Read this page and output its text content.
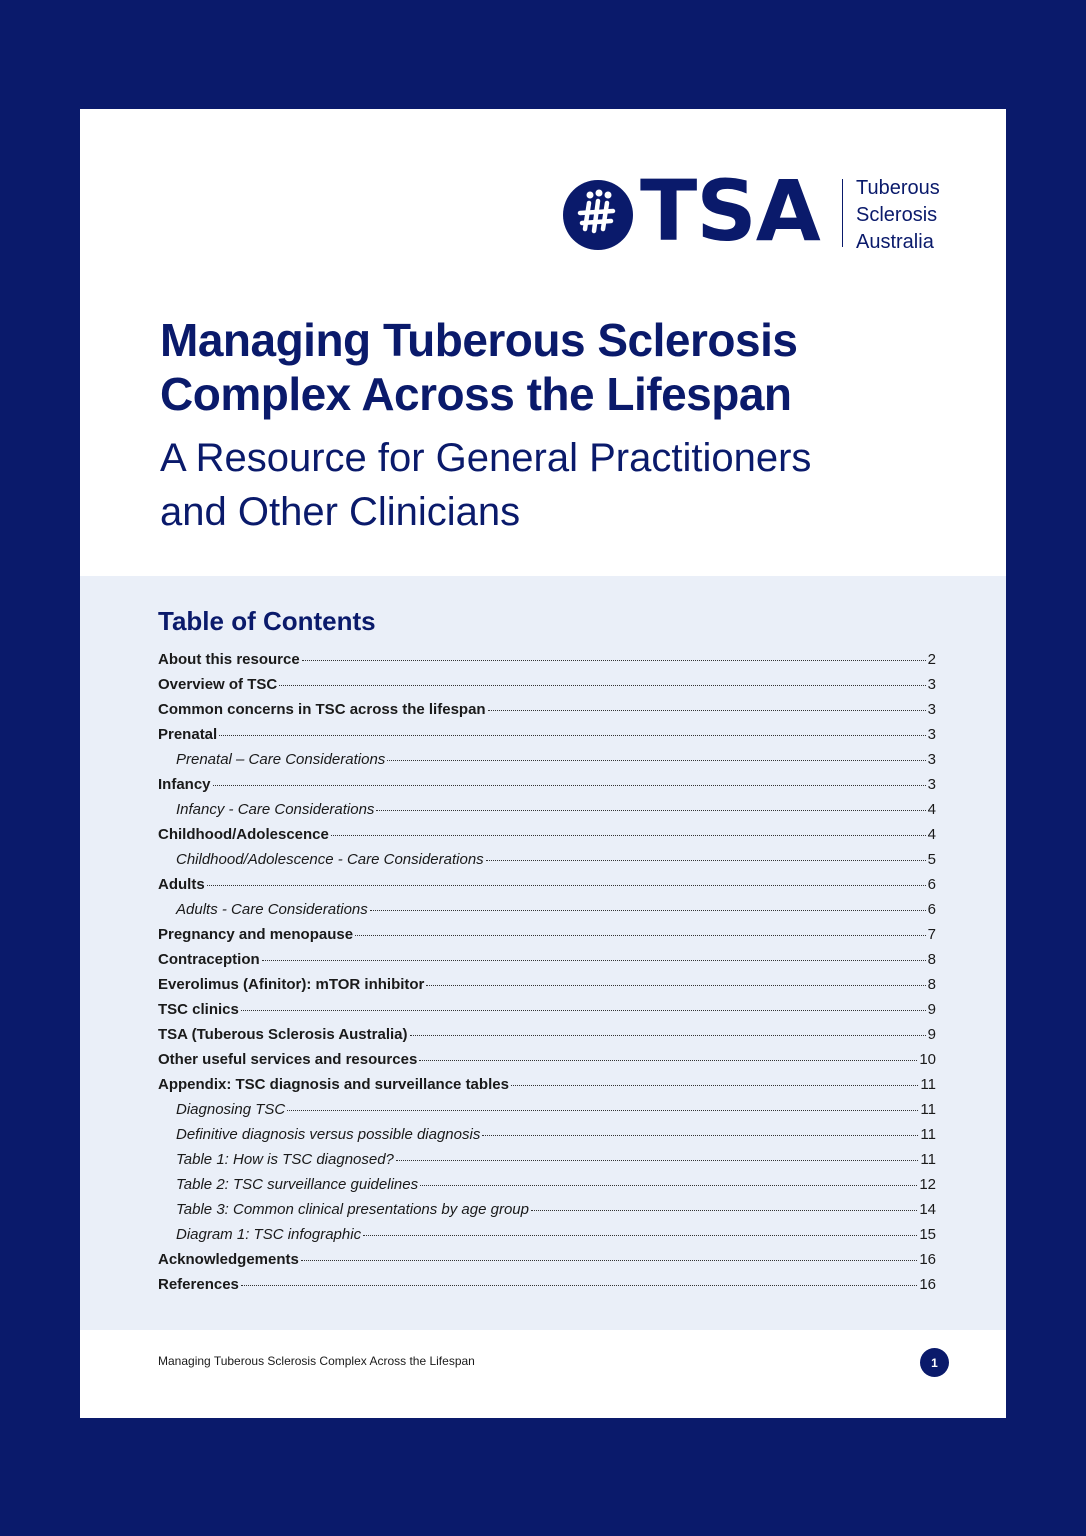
TSA Tuberous
Sclerosis
Australia
Managing Tuberous Sclerosis
Complex Across the Lifespan
A Resource for General Practitioners
and Other Clinicians
Table of Contents
About this resource	2
Overview of TSC	3
Common concerns in TSC across the lifespan	3
Prenatal	3
Prenatal – Care Considerations	3
Infancy	3
Infancy - Care Considerations	4
Childhood/Adolescence	4
Childhood/Adolescence - Care Considerations	5
Adults	6
Adults - Care Considerations	6
Pregnancy and menopause	7
Contraception	8
Everolimus (Afinitor): mTOR inhibitor	8
TSC clinics	9
TSA (Tuberous Sclerosis Australia)	9
Other useful services and resources	10
Appendix: TSC diagnosis and surveillance tables	11
Diagnosing TSC	11
Definitive diagnosis versus possible diagnosis	11
Table 1: How is TSC diagnosed?	11
Table 2: TSC surveillance guidelines	12
Table 3: Common clinical presentations by age group	14
Diagram 1: TSC infographic	15
Acknowledgements	16
References	16
Managing Tuberous Sclerosis Complex Across the Lifespan	1
